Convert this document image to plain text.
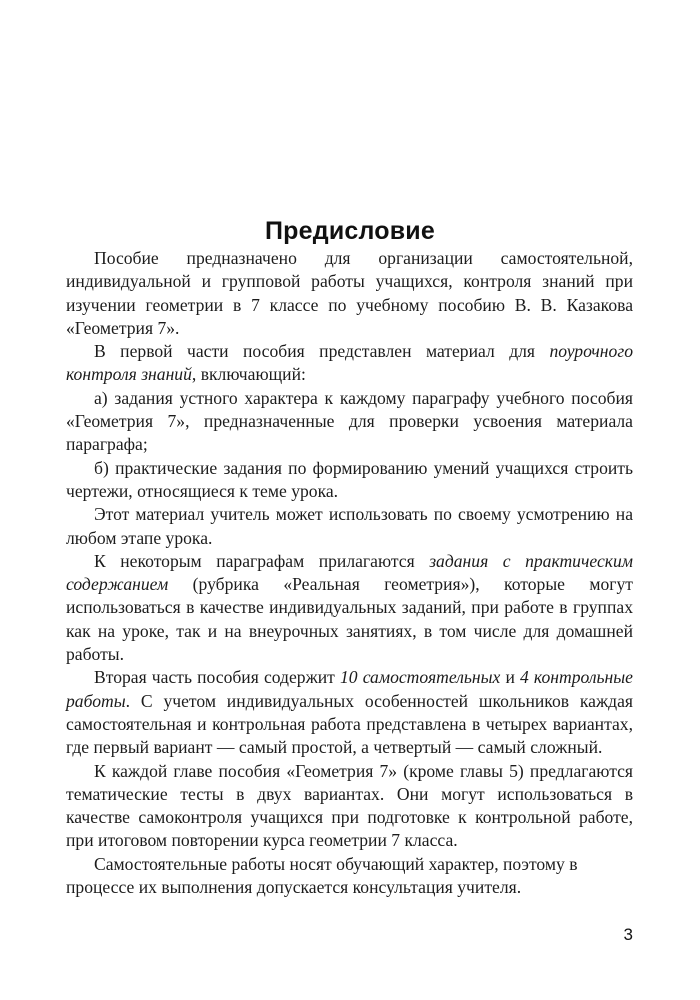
Предисловие

Пособие предназначено для организации самостоятельной, индивидуальной и групповой работы учащихся, контроля знаний при изучении геометрии в 7 классе по учебному пособию В. В. Казакова «Геометрия 7».

В первой части пособия представлен материал для поурочного контроля знаний, включающий:

а) задания устного характера к каждому параграфу учебного пособия «Геометрия 7», предназначенные для проверки усвоения материала параграфа;

б) практические задания по формированию умений учащихся строить чертежи, относящиеся к теме урока.

Этот материал учитель может использовать по своему усмотрению на любом этапе урока.

К некоторым параграфам прилагаются задания с практическим содержанием (рубрика «Реальная геометрия»), которые могут использоваться в качестве индивидуальных заданий, при работе в группах как на уроке, так и на внеурочных занятиях, в том числе для домашней работы.

Вторая часть пособия содержит 10 самостоятельных и 4 контрольные работы. С учетом индивидуальных особенностей школьников каждая самостоятельная и контрольная работа представлена в четырех вариантах, где первый вариант — самый простой, а четвертый — самый сложный.

К каждой главе пособия «Геометрия 7» (кроме главы 5) предлагаются тематические тесты в двух вариантах. Они могут использоваться в качестве самоконтроля учащихся при подготовке к контрольной работе, при итоговом повторении курса геометрии 7 класса.

Самостоятельные работы носят обучающий характер, поэтому в процессе их выполнения допускается консультация учителя.

3
